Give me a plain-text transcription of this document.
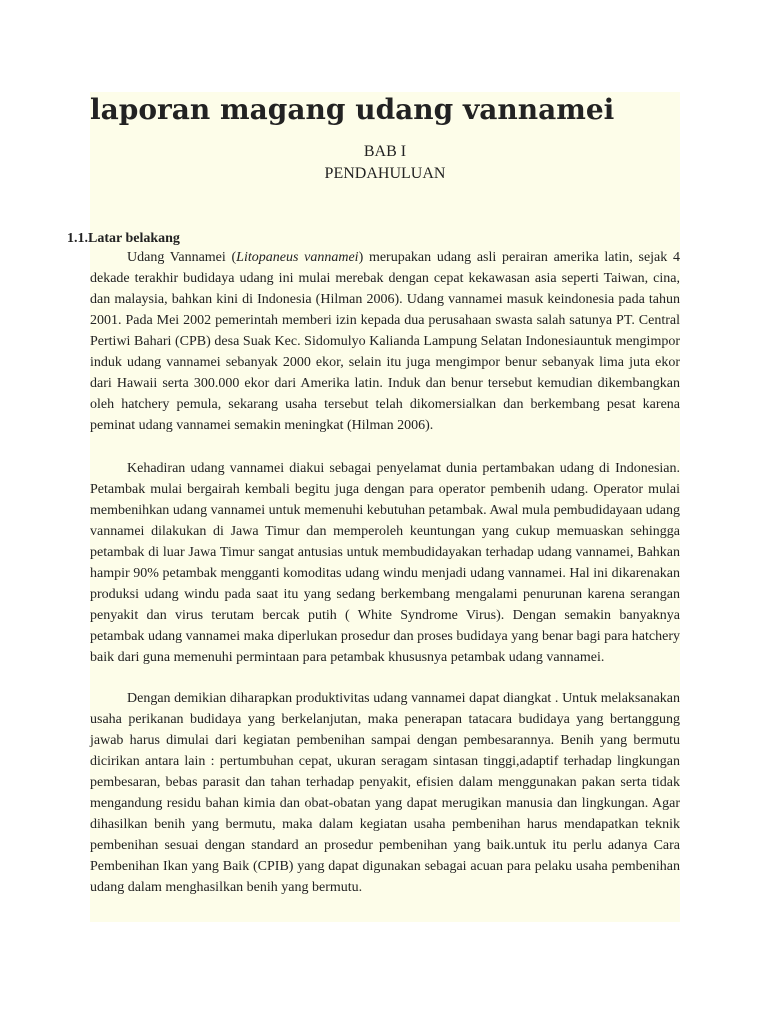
laporan magang udang vannamei

BAB I

PENDAHULUAN

Udang Vannamei (Litopaneus vannamei) merupakan udang asli perairan amerika latin, sejak 4 dekade terakhir budidaya udang ini mulai merebak dengan cepat kekawasan asia seperti Taiwan, cina, dan malaysia, bahkan kini di Indonesia (Hilman 2006). Udang vannamei masuk keindonesia pada tahun 2001. Pada Mei 2002 pemerintah memberi izin kepada dua perusahaan swasta salah satunya PT. Central Pertiwi Bahari (CPB) desa Suak Kec. Sidomulyo Kalianda Lampung Selatan Indonesiauntuk mengimpor induk udang vannamei sebanyak 2000 ekor, selain itu juga mengimpor benur sebanyak lima juta ekor dari Hawaii serta 300.000 ekor dari Amerika latin. Induk dan benur tersebut kemudian dikembangkan oleh hatchery pemula, sekarang usaha tersebut telah dikomersialkan dan berkembang pesat karena peminat udang vannamei semakin meningkat (Hilman 2006).

Kehadiran udang vannamei diakui sebagai penyelamat dunia pertambakan udang di Indonesian. Petambak mulai bergairah kembali begitu juga dengan para operator pembenih udang. Operator mulai membenihkan udang vannamei untuk memenuhi kebutuhan petambak. Awal mula pembudidayaan udang vannamei dilakukan di Jawa Timur dan memperoleh keuntungan yang cukup memuaskan sehingga petambak di luar Jawa Timur sangat antusias untuk membudidayakan terhadap udang vannamei, Bahkan hampir 90% petambak mengganti komoditas udang windu menjadi udang vannamei. Hal ini dikarenakan produksi udang windu pada saat itu yang sedang berkembang mengalami penurunan karena serangan penyakit dan virus terutam bercak putih ( White Syndrome Virus). Dengan semakin banyaknya petambak udang vannamei maka diperlukan prosedur dan proses budidaya yang benar bagi para hatchery baik dari guna memenuhi permintaan para petambak khususnya petambak udang vannamei.

Dengan demikian diharapkan produktivitas udang vannamei dapat diangkat . Untuk melaksanakan usaha perikanan budidaya yang berkelanjutan, maka penerapan tatacara budidaya yang bertanggung jawab harus dimulai dari kegiatan pembenihan sampai dengan pembesarannya. Benih yang bermutu dicirikan antara lain : pertumbuhan cepat, ukuran seragam sintasan tinggi,adaptif terhadap lingkungan pembesaran, bebas parasit dan tahan terhadap penyakit, efisien dalam menggunakan pakan serta tidak mengandung residu bahan kimia dan obat-obatan yang dapat merugikan manusia dan lingkungan. Agar dihasilkan benih yang bermutu, maka dalam kegiatan usaha pembenihan harus mendapatkan teknik pembenihan sesuai dengan standard an prosedur pembenihan yang baik.untuk itu perlu adanya Cara Pembenihan Ikan yang Baik (CPIB) yang dapat digunakan sebagai acuan para pelaku usaha pembenihan udang dalam menghasilkan benih yang bermutu.

1.1.Latar belakang
